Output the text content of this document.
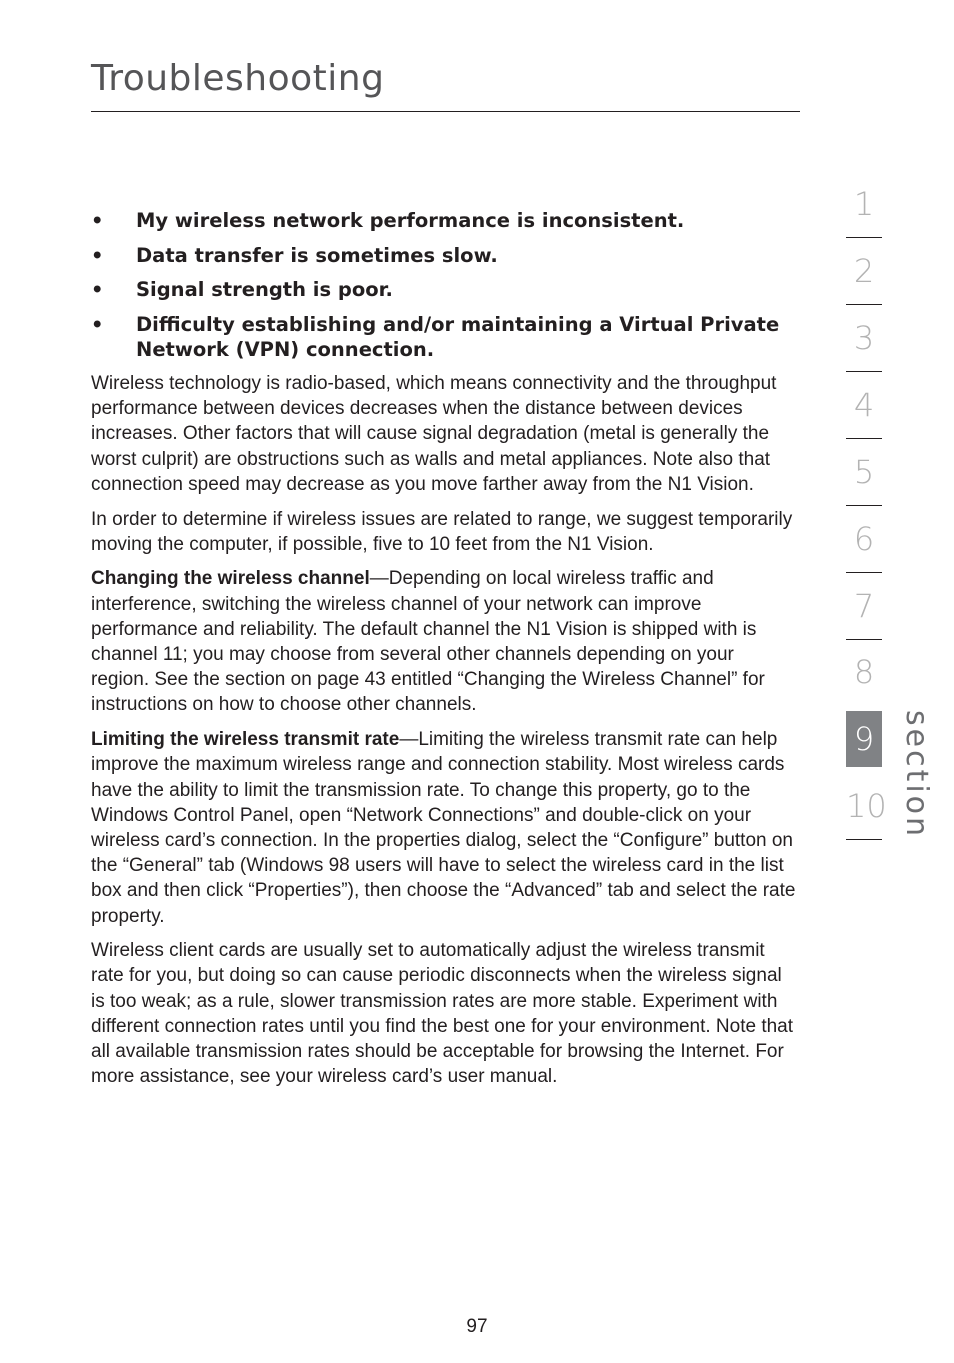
Troubleshooting
• My wireless network performance is inconsistent.
• Data transfer is sometimes slow.
• Signal strength is poor.
• Difficulty establishing and/or maintaining a Virtual Private Network (VPN) connection.

Wireless technology is radio-based, which means connectivity and the throughput performance between devices decreases when the distance between devices increases. Other factors that will cause signal degradation (metal is generally the worst culprit) are obstructions such as walls and metal appliances. Note also that connection speed may decrease as you move farther away from the N1 Vision.

In order to determine if wireless issues are related to range, we suggest temporarily moving the computer, if possible, five to 10 feet from the N1 Vision.

Changing the wireless channel—Depending on local wireless traffic and interference, switching the wireless channel of your network can improve performance and reliability. The default channel the N1 Vision is shipped with is channel 11; you may choose from several other channels depending on your region. See the section on page 43 entitled “Changing the Wireless Channel” for instructions on how to choose other channels.

Limiting the wireless transmit rate—Limiting the wireless transmit rate can help improve the maximum wireless range and connection stability. Most wireless cards have the ability to limit the transmission rate. To change this property, go to the Windows Control Panel, open “Network Connections” and double-click on your wireless card’s connection. In the properties dialog, select the “Configure” button on the “General” tab (Windows 98 users will have to select the wireless card in the list box and then click “Properties”), then choose the “Advanced” tab and select the rate property.

Wireless client cards are usually set to automatically adjust the wireless transmit rate for you, but doing so can cause periodic disconnects when the wireless signal is too weak; as a rule, slower transmission rates are more stable. Experiment with different connection rates until you find the best one for your environment. Note that all available transmission rates should be acceptable for browsing the Internet. For more assistance, see your wireless card’s user manual.

1
2
3
4
5
6
7
8
9
10 section
97
